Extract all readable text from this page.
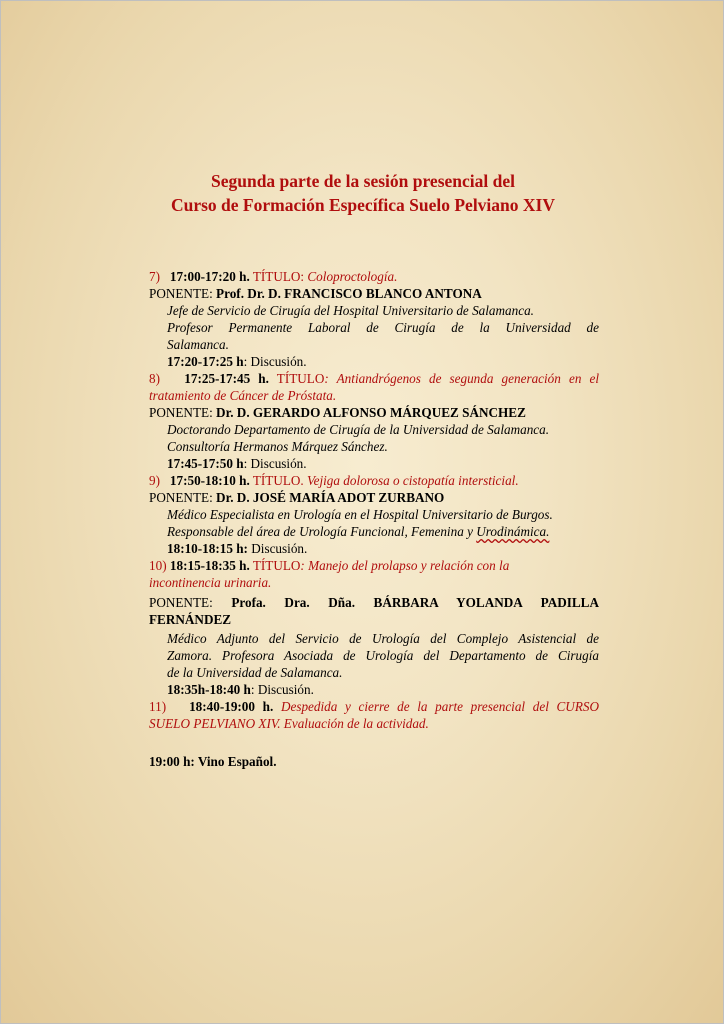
Segunda parte de la sesión presencial del
Curso de Formación Específica Suelo Pelviano XIV
7) 17:00-17:20 h. TÍTULO: Coloproctología.
PONENTE: Prof. Dr. D. FRANCISCO BLANCO ANTONA
Jefe de Servicio de Cirugía del Hospital Universitario de Salamanca.
Profesor Permanente Laboral de Cirugía de la Universidad de
Salamanca.
17:20-17:25 h: Discusión.
8) 17:25-17:45 h. TÍTULO: Antiandrógenos de segunda generación en el
tratamiento de Cáncer de Próstata.
PONENTE: Dr. D. GERARDO ALFONSO MÁRQUEZ SÁNCHEZ
Doctorando Departamento de Cirugía de la Universidad de Salamanca.
Consultoría Hermanos Márquez Sánchez.
17:45-17:50 h: Discusión.
9) 17:50-18:10 h. TÍTULO. Vejiga dolorosa o cistopatía intersticial.
PONENTE: Dr. D. JOSÉ MARÍA ADOT ZURBANO
Médico Especialista en Urología en el Hospital Universitario de Burgos.
Responsable del área de Urología Funcional, Femenina y Urodinámica.
18:10-18:15 h: Discusión.
10) 18:15-18:35 h. TÍTULO: Manejo del prolapso y relación con la
incontinencia urinaria.
PONENTE: Profa. Dra. Dña. BÁRBARA YOLANDA PADILLA
FERNÁNDEZ
Médico Adjunto del Servicio de Urología del Complejo Asistencial de
Zamora. Profesora Asociada de Urología del Departamento de Cirugía
de la Universidad de Salamanca.
18:35h-18:40 h: Discusión.
11) 18:40-19:00 h. Despedida y cierre de la parte presencial del CURSO
SUELO PELVIANO XIV. Evaluación de la actividad.
19:00 h: Vino Español.
